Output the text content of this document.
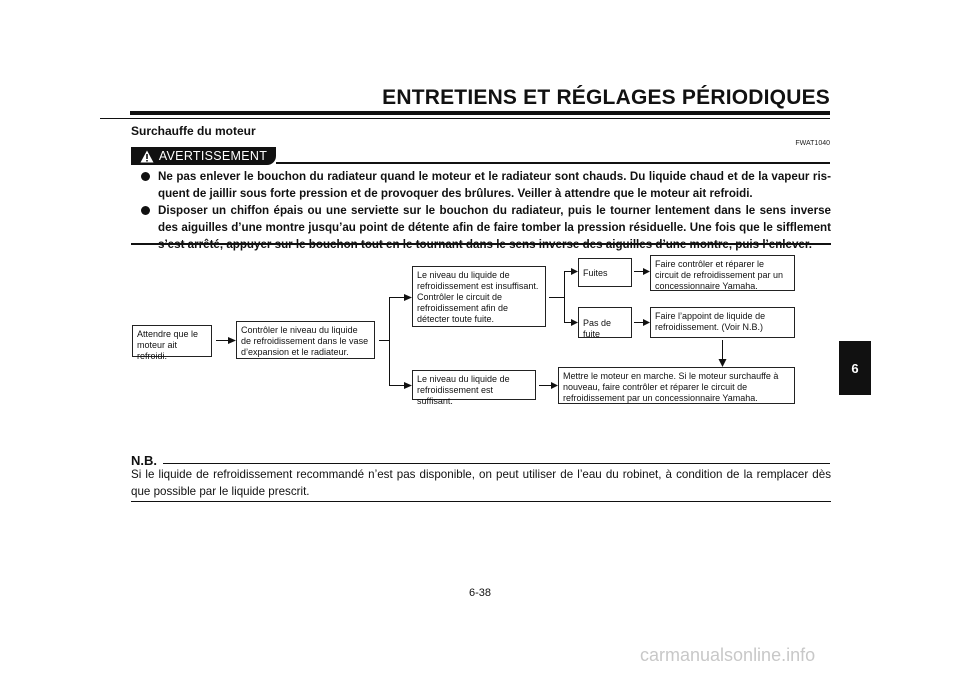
ENTRETIENS ET RÉGLAGES PÉRIODIQUES
Surchauffe du moteur
FWAT1040
AVERTISSEMENT
Ne pas enlever le bouchon du radiateur quand le moteur et le radiateur sont chauds. Du liquide chaud et de la vapeur risquent de jaillir sous forte pression et de provoquer des brûlures. Veiller à attendre que le moteur ait refroidi.
Disposer un chiffon épais ou une serviette sur le bouchon du radiateur, puis le tourner lentement dans le sens inverse des aiguilles d’une montre jusqu’au point de détente afin de faire tomber la pression résiduelle. Une fois que le sifflement
Attendre que le moteur ait refroidi.
Contrôler le niveau du liquide de refroidissement dans le vase d’expansion et le radiateur.
Le niveau du liquide de refroidissement est insuffisant. Contrôler le circuit de refroidissement afin de détecter toute fuite.
Le niveau du liquide de refroidissement est suffisant.
Fuites
Pas de fuite
Faire contrôler et réparer le circuit de refroidissement par un concessionnaire Yamaha.
Faire l’appoint de liquide de refroidissement. (Voir N.B.)
Mettre le moteur en marche. Si le moteur surchauffe à nouveau, faire contrôler et réparer le circuit de refroidissement par un concessionnaire Yamaha.
N.B.
Si le liquide de refroidissement recommandé n’est pas disponible, on peut utiliser de l’eau du robinet, à condition de la remplacer dès que possible par le liquide prescrit.
6-38
6
carmanualsonline.info
